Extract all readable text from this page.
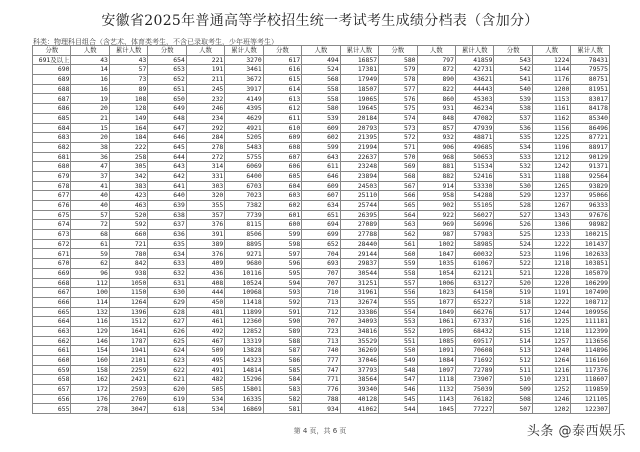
安徽省2025年普通高等学校招生统一考试考生成绩分档表（含加分）
科类：物理科目组合（含艺术、体育类考生，不含已录取考生，少年班等考生）
分数	人数	累计人数	分数	人数	累计人数	分数	人数	累计人数	分数	人数	累计人数	分数	人数	累计人数
691及以上	43	43	654	221	3270	617	494	16857	580	797	41859	543	1224	78431
690	14	57	653	191	3461	616	524	17381	579	872	42731	542	1144	79575
689	16	73	652	211	3672	615	568	17949	578	890	43621	541	1176	80751
688	16	89	651	245	3917	614	558	18507	577	822	44443	540	1200	81951
687	19	108	650	232	4149	613	558	19065	576	860	45303	539	1153	83017
686	20	128	649	246	4395	612	580	19645	575	931	46234	538	1161	84178
685	21	149	648	234	4629	611	539	20184	574	848	47082	537	1162	85340
684	15	164	647	292	4921	610	609	20793	573	857	47939	536	1156	86496
683	20	184	646	284	5205	609	602	21395	572	932	48871	535	1225	87721
682	38	222	645	278	5483	608	599	21994	571	906	49685	534	1196	88917
681	36	258	644	272	5755	607	643	22637	570	968	50653	533	1212	90129
680	47	305	643	314	6069	606	611	23248	569	881	51534	532	1242	91371
679	37	342	642	331	6400	605	646	23894	568	882	52416	531	1188	92564
678	41	383	641	303	6703	604	609	24503	567	914	53330	530	1265	93829
677	40	423	640	320	7023	603	607	25110	566	958	54288	529	1237	95066
676	40	463	639	355	7382	602	634	25744	565	902	55105	528	1267	96333
675	57	520	638	357	7739	601	651	26395	564	922	56027	527	1343	97676
674	72	592	637	376	8115	600	694	27089	563	969	56996	526	1306	98982
673	68	660	636	391	8506	599	699	27788	562	987	57983	525	1233	100215
672	61	721	635	389	8895	598	652	28440	561	1002	58985	524	1222	101437
671	59	780	634	376	9271	597	704	29144	560	1047	60032	523	1196	102633
670	62	842	633	409	9680	596	693	29837	559	1035	61067	522	1218	103851
669	96	938	632	436	10116	595	707	30544	558	1054	62121	521	1228	105079
668	112	1050	631	408	10524	594	707	31251	557	1006	63127	520	1220	106299
667	100	1150	630	444	10968	593	710	31961	556	1023	64150	519	1191	107490
666	114	1264	629	450	11418	592	713	32674	555	1077	65227	518	1222	108712
665	132	1396	628	481	11899	591	712	33386	554	1049	66276	517	1244	109956
664	116	1512	627	461	12360	590	707	34093	553	1061	67337	516	1225	111181
663	129	1641	626	492	12852	589	723	34816	552	1095	68432	515	1218	112399
662	146	1787	625	467	13319	588	713	35529	551	1085	69517	514	1257	113656
661	154	1941	624	509	13828	587	740	36269	550	1091	70608	513	1240	114896
660	160	2101	623	495	14323	586	777	37046	549	1084	71692	512	1264	116160
659	158	2259	622	491	14814	585	747	37793	548	1097	72789	511	1216	117376
658	162	2421	621	482	15296	584	771	38564	547	1118	73907	510	1231	118607
657	172	2593	620	505	15801	583	776	39340	546	1132	75039	509	1252	119859
656	176	2769	619	534	16335	582	788	40128	545	1143	76182	508	1246	121105
655	278	3047	618	534	16869	581	934	41062	544	1045	77227	507	1202	122307
第 4 页，共 6 页	头条 @泰西娱乐
